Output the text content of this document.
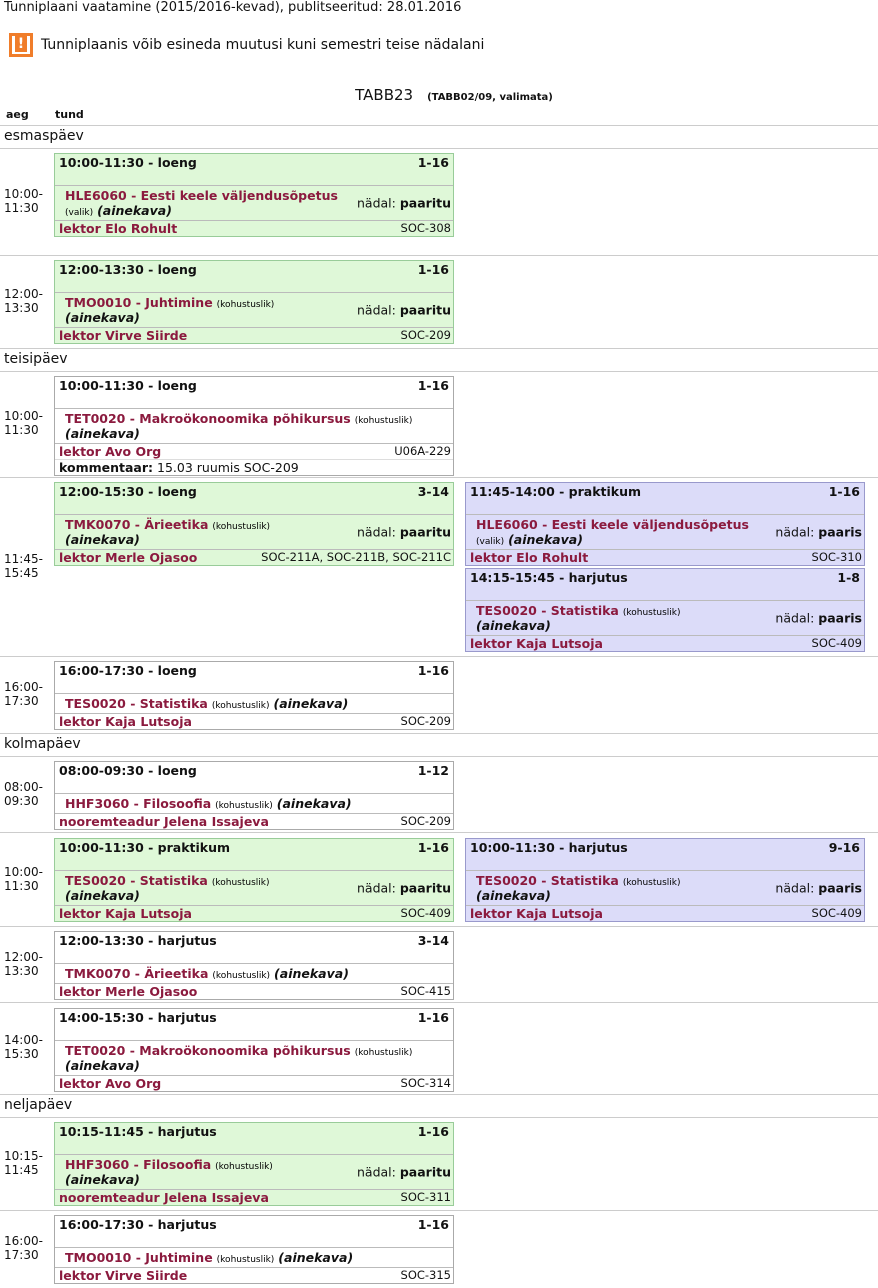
Tunniplaani vaatamine (2015/2016-kevad), publitseeritud: 28.01.2016
!
Tunniplaanis võib esineda muutusi kuni semestri teise nädalani
TABB23 (TABB02/09, valimata)
aeg tund
esmaspäev
10:00-
11:30
10:00-11:30 - loeng	1-16
HLE6060 - Eesti keele väljendusõpetus (valik) (ainekava)	nädal: paaritu
lektor Elo Rohult	SOC-308
12:00-
13:30
12:00-13:30 - loeng	1-16
TMO0010 - Juhtimine (kohustuslik) (ainekava)	nädal: paaritu
lektor Virve Siirde	SOC-209
teisipäev
10:00-
11:30
10:00-11:30 - loeng	1-16
TET0020 - Makroökonoomika põhikursus (kohustuslik) (ainekava)
lektor Avo Org	U06A-229
kommentaar: 15.03 ruumis SOC-209
11:45-
15:45
12:00-15:30 - loeng	3-14
TMK0070 - Ärieetika (kohustuslik) (ainekava)	nädal: paaritu
lektor Merle Ojasoo	SOC-211A, SOC-211B, SOC-211C
11:45-14:00 - praktikum	1-16
HLE6060 - Eesti keele väljendusõpetus (valik) (ainekava)	nädal: paaris
lektor Elo Rohult	SOC-310
14:15-15:45 - harjutus	1-8
TES0020 - Statistika (kohustuslik) (ainekava)	nädal: paaris
lektor Kaja Lutsoja	SOC-409
16:00-
17:30
16:00-17:30 - loeng	1-16
TES0020 - Statistika (kohustuslik) (ainekava)
lektor Kaja Lutsoja	SOC-209
kolmapäev
08:00-
09:30
08:00-09:30 - loeng	1-12
HHF3060 - Filosoofia (kohustuslik) (ainekava)
nooremteadur Jelena Issajeva	SOC-209
10:00-
11:30
10:00-11:30 - praktikum	1-16
TES0020 - Statistika (kohustuslik) (ainekava)	nädal: paaritu
lektor Kaja Lutsoja	SOC-409
10:00-11:30 - harjutus	9-16
TES0020 - Statistika (kohustuslik) (ainekava)	nädal: paaris
lektor Kaja Lutsoja	SOC-409
12:00-
13:30
12:00-13:30 - harjutus	3-14
TMK0070 - Ärieetika (kohustuslik) (ainekava)
lektor Merle Ojasoo	SOC-415
14:00-
15:30
14:00-15:30 - harjutus	1-16
TET0020 - Makroökonoomika põhikursus (kohustuslik) (ainekava)
lektor Avo Org	SOC-314
neljapäev
10:15-
11:45
10:15-11:45 - harjutus	1-16
HHF3060 - Filosoofia (kohustuslik) (ainekava)	nädal: paaritu
nooremteadur Jelena Issajeva	SOC-311
16:00-
17:30
16:00-17:30 - harjutus	1-16
TMO0010 - Juhtimine (kohustuslik) (ainekava)
lektor Virve Siirde	SOC-315
